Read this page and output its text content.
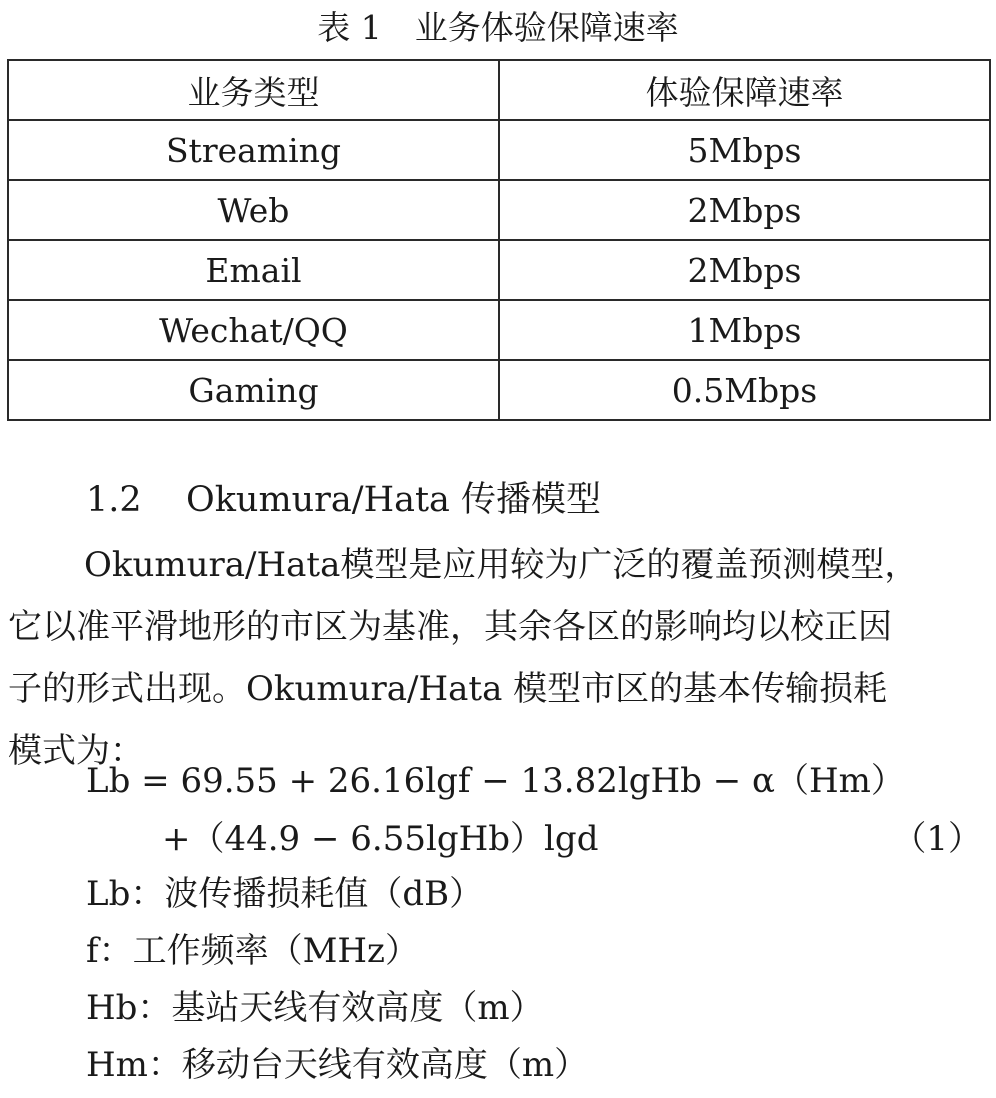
表 1　业务体验保障速率
业务类型	体验保障速率
Streaming	5Mbps
Web	2Mbps
Email	2Mbps
Wechat/QQ	1Mbps
Gaming	0.5Mbps
1.2 Okumura/Hata 传播模型
Okumura/Hata模型是应用较为广泛的覆盖预测模型，
它以准平滑地形的市区为基准，其余各区的影响均以校正因
子的形式出现。Okumura/Hata 模型市区的基本传输损耗
模式为：
Lb = 69.55 + 26.16lgf − 13.82lgHb − α（Hm）
+（44.9 − 6.55lgHb）lgd	（1）
Lb：波传播损耗值（dB）
f：工作频率（MHz）
Hb：基站天线有效高度（m）
Hm：移动台天线有效高度（m）
